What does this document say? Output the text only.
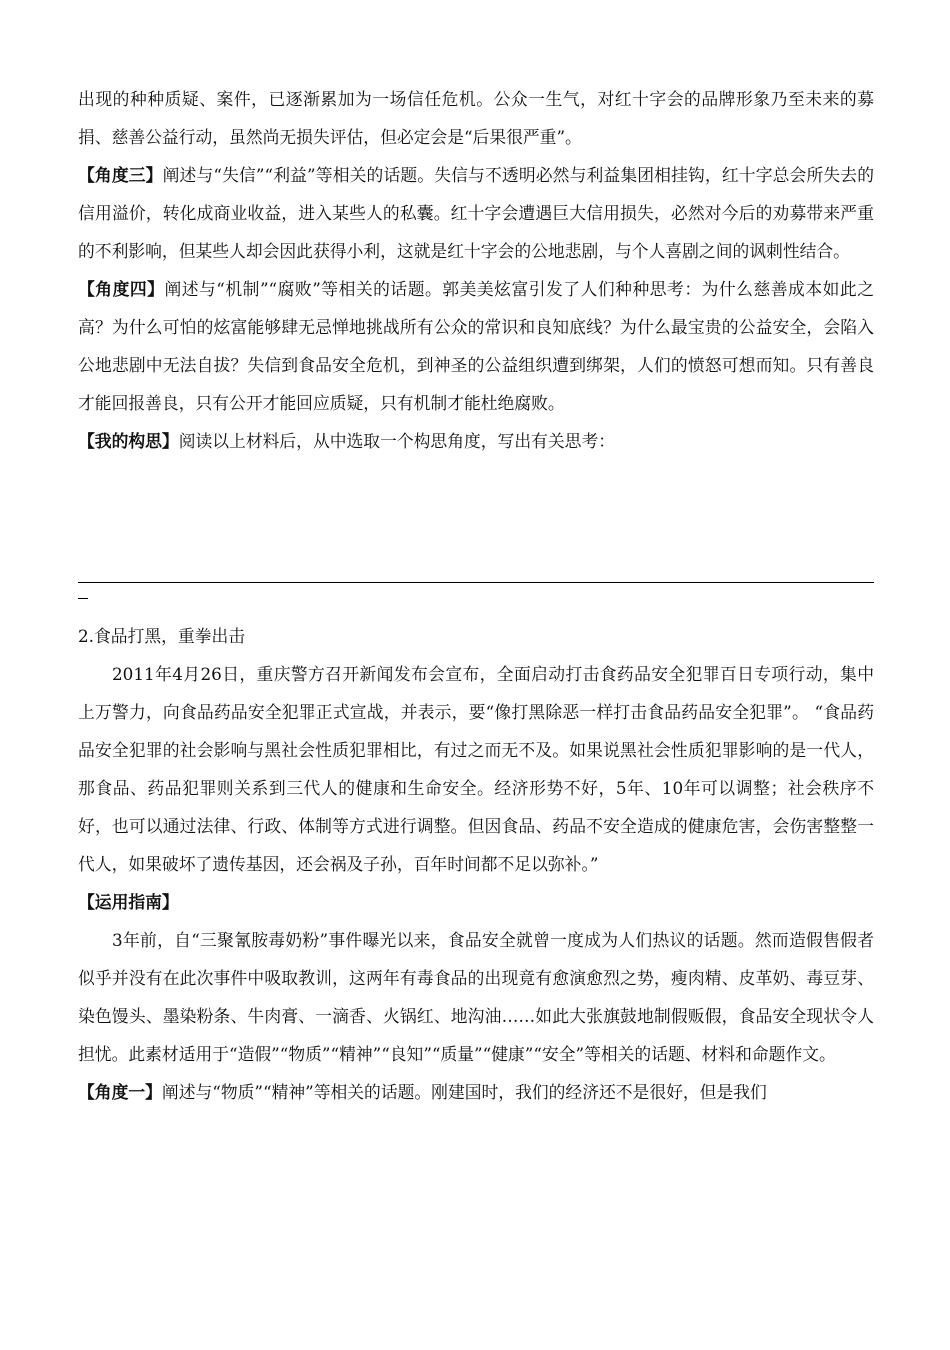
出现的种种质疑、案件，已逐渐累加为一场信任危机。公众一生气，对红十字会的品牌形象乃至未来的募捐、慈善公益行动，虽然尚无损失评估，但必定会是“后果很严重”。

【角度三】阐述与“失信”“利益”等相关的话题。失信与不透明必然与利益集团相挂钩，红十字总会所失去的信用溢价，转化成商业收益，进入某些人的私囊。红十字会遭遇巨大信用损失，必然对今后的劝募带来严重的不利影响，但某些人却会因此获得小利，这就是红十字会的公地悲剧，与个人喜剧之间的讽刺性结合。

【角度四】阐述与“机制”“腐败”等相关的话题。郭美美炫富引发了人们种种思考：为什么慈善成本如此之高？为什么可怕的炫富能够肆无忌惮地挑战所有公众的常识和良知底线？为什么最宝贵的公益安全，会陷入公地悲剧中无法自拔？失信到食品安全危机，到神圣的公益组织遭到绑架，人们的愤怒可想而知。只有善良才能回报善良，只有公开才能回应质疑，只有机制才能杜绝腐败。

【我的构思】阅读以上材料后，从中选取一个构思角度，写出有关思考：

2.食品打黑，重拳出击

2011年4月26日，重庆警方召开新闻发布会宣布，全面启动打击食药品安全犯罪百日专项行动，集中上万警力，向食品药品安全犯罪正式宣战，并表示，要“像打黑除恶一样打击食品药品安全犯罪”。 “食品药品安全犯罪的社会影响与黑社会性质犯罪相比，有过之而无不及。如果说黑社会性质犯罪影响的是一代人，那食品、药品犯罪则关系到三代人的健康和生命安全。经济形势不好，5年、10年可以调整；社会秩序不好，也可以通过法律、行政、体制等方式进行调整。但因食品、药品不安全造成的健康危害，会伤害整整一代人，如果破坏了遗传基因，还会祸及子孙，百年时间都不足以弥补。”

【运用指南】

3年前，自“三聚氰胺毒奶粉”事件曝光以来，食品安全就曾一度成为人们热议的话题。然而造假售假者似乎并没有在此次事件中吸取教训，这两年有毒食品的出现竟有愈演愈烈之势，瘦肉精、皮革奶、毒豆芽、染色馒头、墨染粉条、牛肉膏、一滴香、火锅红、地沟油……如此大张旗鼓地制假贩假，食品安全现状令人担忧。此素材适用于“造假”“物质”“精神”“良知”“质量”“健康”“安全”等相关的话题、材料和命题作文。

【角度一】阐述与“物质”“精神”等相关的话题。刚建国时，我们的经济还不是很好，但是我们
